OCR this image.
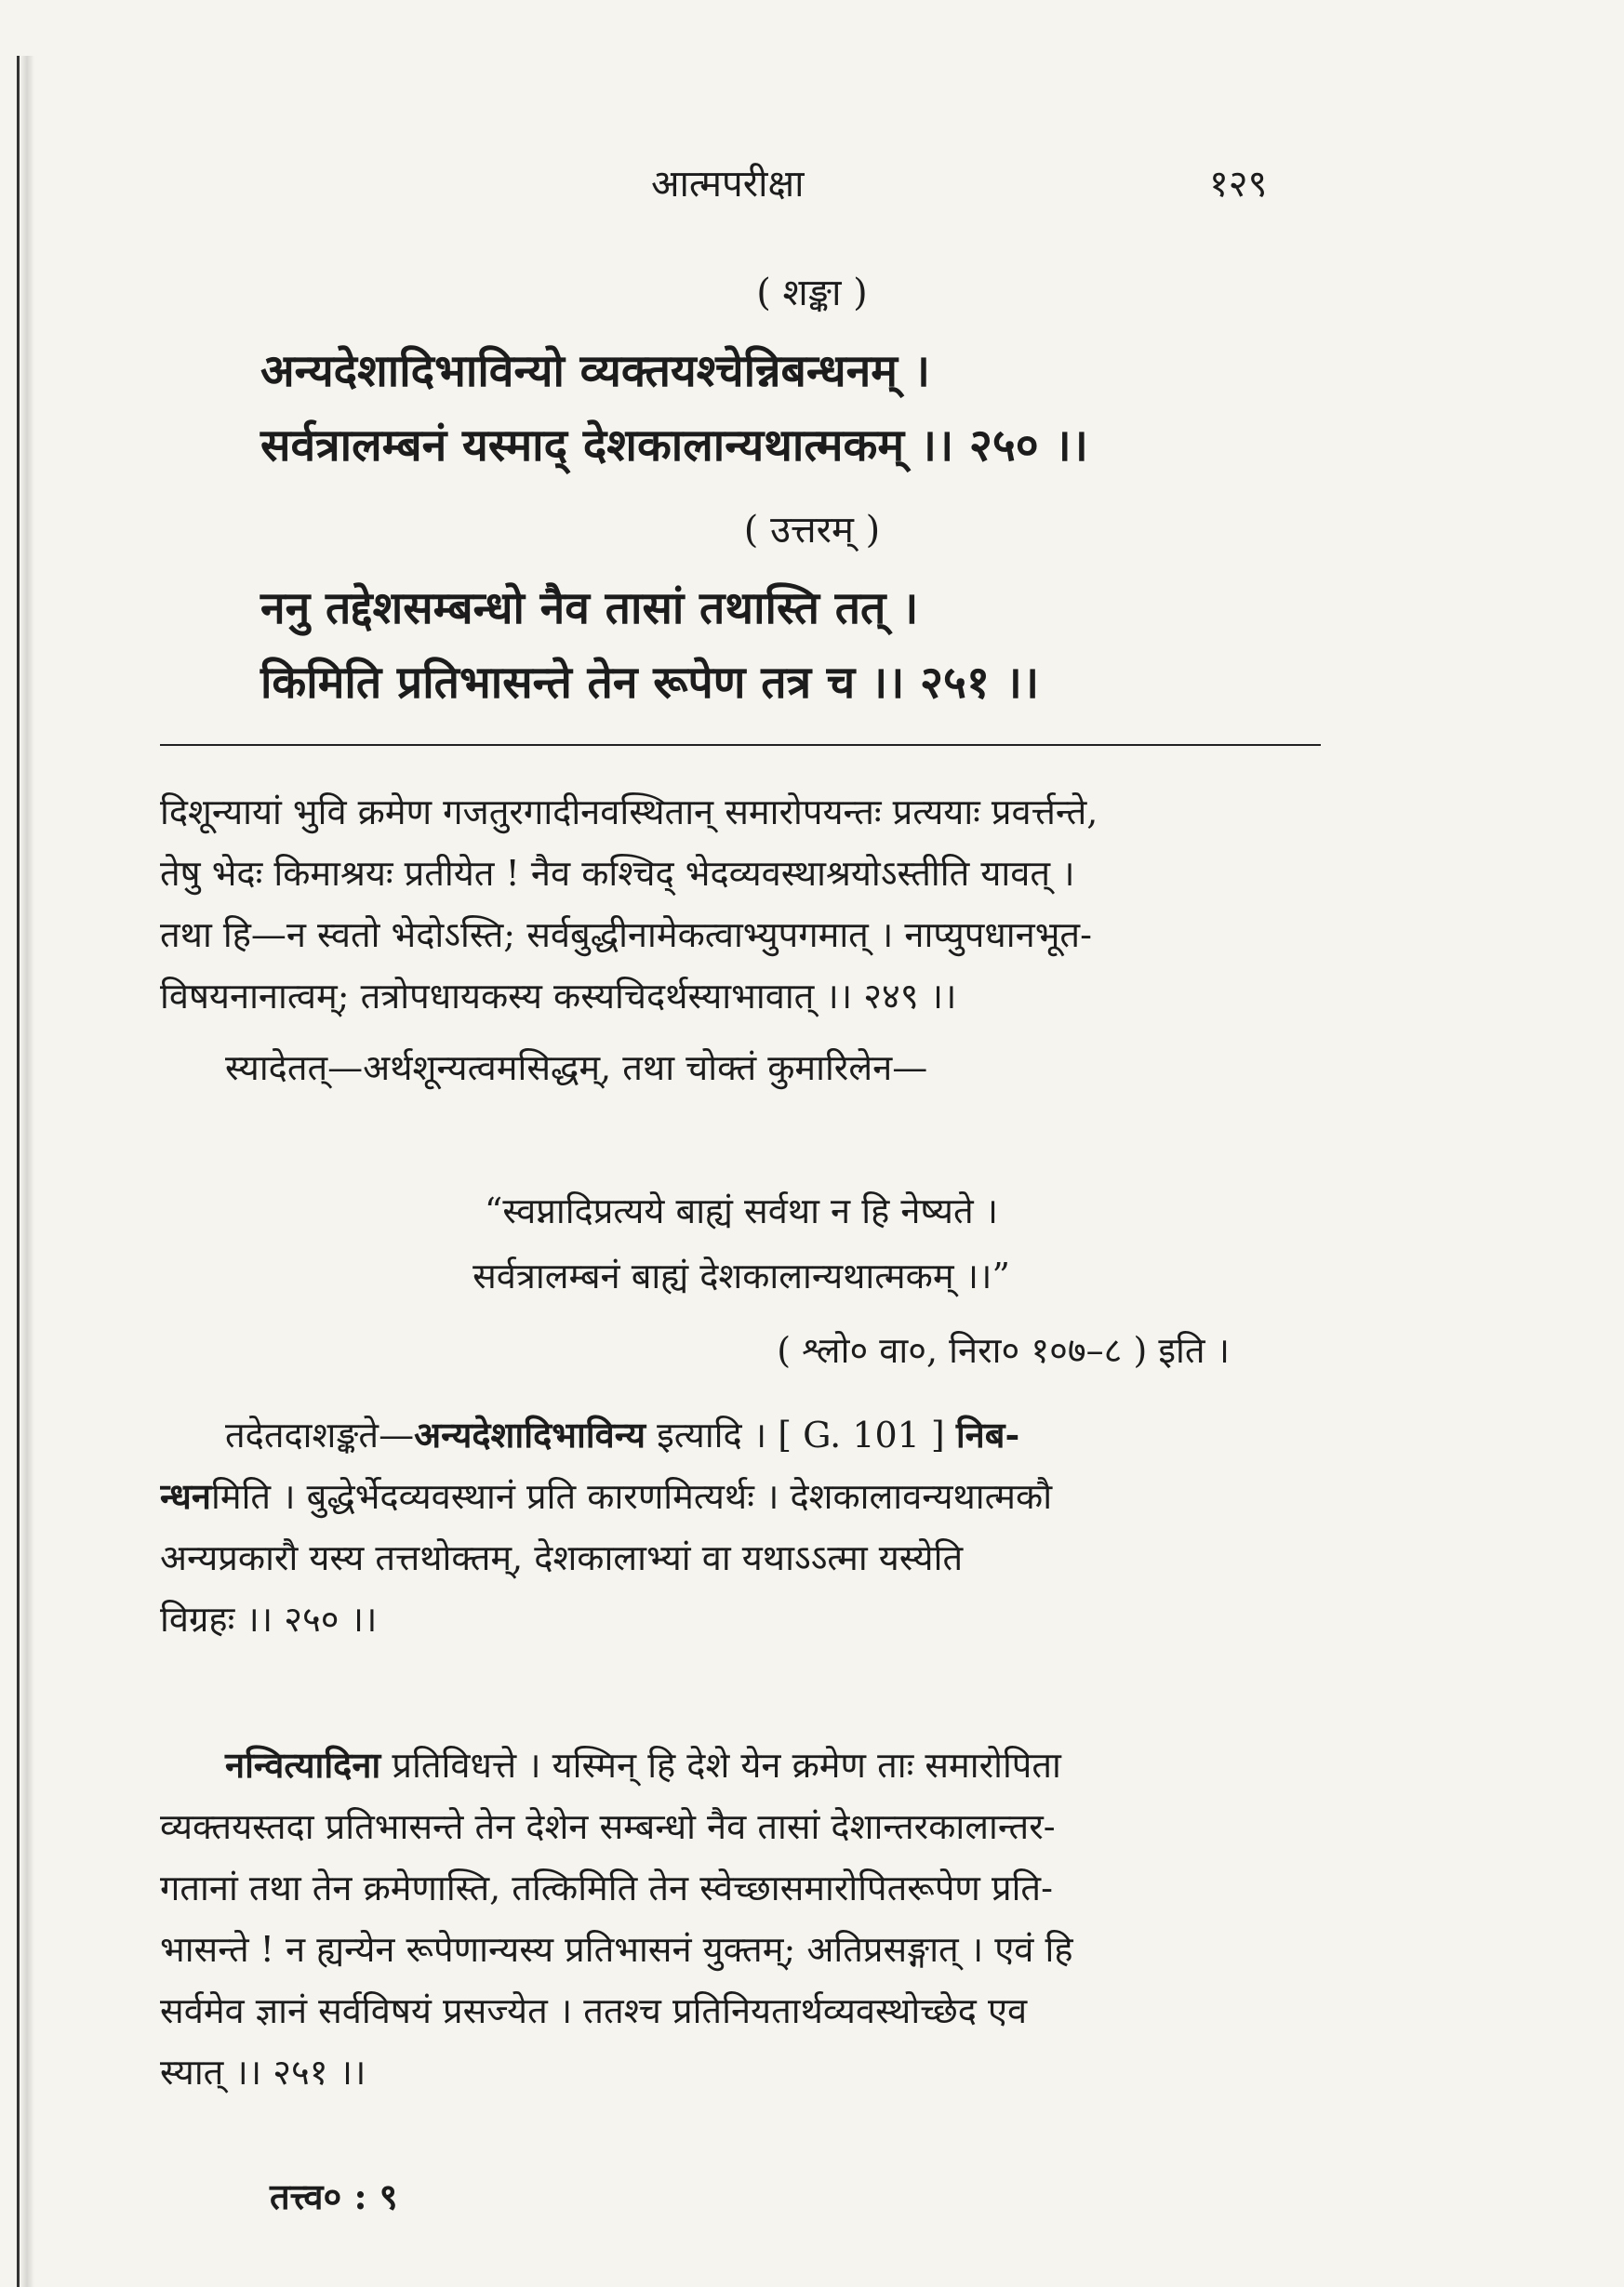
आत्मपरीक्षा	१२९
( शङ्का )
अन्यदेशादिभाविन्यो व्यक्तयश्चेन्निबन्धनम् ।
सर्वत्रालम्बनं यस्माद् देशकालान्यथात्मकम् ।। २५० ।।
( उत्तरम् )
ननु तद्देशसम्बन्धो नैव तासां तथास्ति तत् ।
किमिति प्रतिभासन्ते तेन रूपेण तत्र च ।। २५१ ।।
दिशून्यायां भुवि क्रमेण गजतुरगादीनवस्थितान् समारोपयन्तः प्रत्ययाः प्रवर्त्तन्ते,
तेषु भेदः किमाश्रयः प्रतीयेत ! नैव कश्चिद् भेदव्यवस्थाश्रयोऽस्तीति यावत् ।
तथा हि—न स्वतो भेदोऽस्ति; सर्वबुद्धीनामेकत्वाभ्युपगमात् । नाप्युपधानभूत-
विषयनानात्वम्; तत्रोपधायकस्य कस्यचिदर्थस्याभावात् ।। २४९ ।।
स्यादेतत्—अर्थशून्यत्वमसिद्धम्, तथा चोक्तं कुमारिलेन—
“स्वप्नादिप्रत्यये बाह्यं सर्वथा न हि नेष्यते ।
सर्वत्रालम्बनं बाह्यं देशकालान्यथात्मकम् ।।”
( श्लो० वा०, निरा० १०७–८ ) इति ।
तदेतदाशङ्कते—अन्यदेशादिभाविन्य इत्यादि । [ G. 101 ] निब-
न्धनमिति । बुद्धेर्भेदव्यवस्थानं प्रति कारणमित्यर्थः । देशकालावन्यथात्मकौ
अन्यप्रकारौ यस्य तत्तथोक्तम्, देशकालाभ्यां वा यथाऽऽत्मा यस्येति
विग्रहः ।। २५० ।।
नन्वित्यादिना प्रतिविधत्ते । यस्मिन् हि देशे येन क्रमेण ताः समारोपिता
व्यक्तयस्तदा प्रतिभासन्ते तेन देशेन सम्बन्धो नैव तासां देशान्तरकालान्तर-
गतानां तथा तेन क्रमेणास्ति, तत्किमिति तेन स्वेच्छासमारोपितरूपेण प्रति-
भासन्ते ! न ह्यन्येन रूपेणान्यस्य प्रतिभासनं युक्तम्; अतिप्रसङ्गात् । एवं हि
सर्वमेव ज्ञानं सर्वविषयं प्रसज्येत । ततश्च प्रतिनियतार्थव्यवस्थोच्छेद एव
स्यात् ।। २५१ ।।
तत्त्व० : ९
